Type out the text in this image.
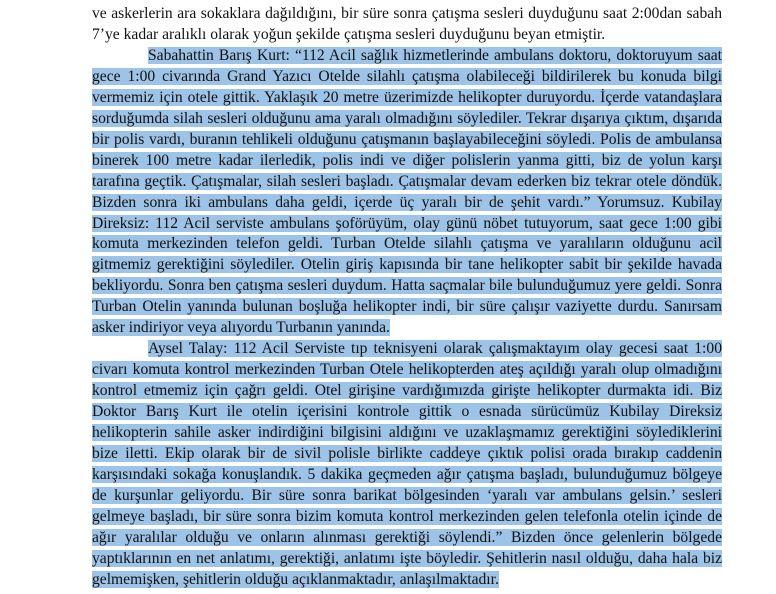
ve askerlerin ara sokaklara dağıldığını, bir süre sonra çatışma sesleri duyduğunu saat 2:00dan sabah 7’ye kadar aralıklı olarak yoğun şekilde çatışma sesleri duyduğunu beyan etmiştir.

Sabahattin Barış Kurt: “112 Acil sağlık hizmetlerinde ambulans doktoru, doktoruyum saat gece 1:00 civarında Grand Yazıcı Otelde silahlı çatışma olabileceği bildirilerek bu konuda bilgi vermemiz için otele gittik. Yaklaşık 20 metre üzerimizde helikopter duruyordu. İçerde vatandaşlara sorduğumda silah sesleri olduğunu ama yaralı olmadığını söylediler. Tekrar dışarıya çıktım, dışarıda bir polis vardı, buranın tehlikeli olduğunu çatışmanın başlayabileceğini söyledi. Polis de ambulansa binerek 100 metre kadar ilerledik, polis indi ve diğer polislerin yanma gitti, biz de yolun karşı tarafına geçtik. Çatışmalar, silah sesleri başladı. Çatışmalar devam ederken biz tekrar otele döndük. Bizden sonra iki ambulans daha geldi, içerde üç yaralı bir de şehit vardı.” Yorumsuz. Kubilay Direksiz: 112 Acil serviste ambulans şoförüyüm, olay günü nöbet tutuyorum, saat gece 1:00 gibi komuta merkezinden telefon geldi. Turban Otelde silahlı çatışma ve yaralıların olduğunu acil gitmemiz gerektiğini söylediler. Otelin giriş kapısında bir tane helikopter sabit bir şekilde havada bekliyordu. Sonra ben çatışma sesleri duydum. Hatta saçmalar bile bulunduğumuz yere geldi. Sonra Turban Otelin yanında bulunan boşluğa helikopter indi, bir süre çalışır vaziyette durdu. Sanırsam asker indiriyor veya alıyordu Turbanın yanında.

Aysel Talay: 112 Acil Serviste tıp teknisyeni olarak çalışmaktayım olay gecesi saat 1:00 civarı komuta kontrol merkezinden Turban Otele helikopterden ateş açıldığı yaralı olup olmadığını kontrol etmemiz için çağrı geldi. Otel girişine vardığımızda girişte helikopter durmakta idi. Biz Doktor Barış Kurt ile otelin içerisini kontrole gittik o esnada sürücümüz Kubilay Direksiz helikopterin sahile asker indirdiğini bilgisini aldığını ve uzaklaşmamız gerektiğini söylediklerini bize iletti. Ekip olarak bir de sivil polisle birlikte caddeye çıktık polisi orada bırakıp caddenin karşısındaki sokağa konuşlandık. 5 dakika geçmeden ağır çatışma başladı, bulunduğumuz bölgeye de kurşunlar geliyordu. Bir süre sonra barikat bölgesinden ‘yaralı var ambulans gelsin.’ sesleri gelmeye başladı, bir süre sonra bizim komuta kontrol merkezinden gelen telefonla otelin içinde de ağır yaralılar olduğu ve onların alınması gerektiği söylendi.” Bizden önce gelenlerin bölgede yaptıklarının en net anlatımı, gerektiği, anlatımı işte böyledir. Şehitlerin nasıl olduğu, daha hala biz gelmemişken, şehitlerin olduğu açıklanmaktadır, anlaşılmaktadır.
